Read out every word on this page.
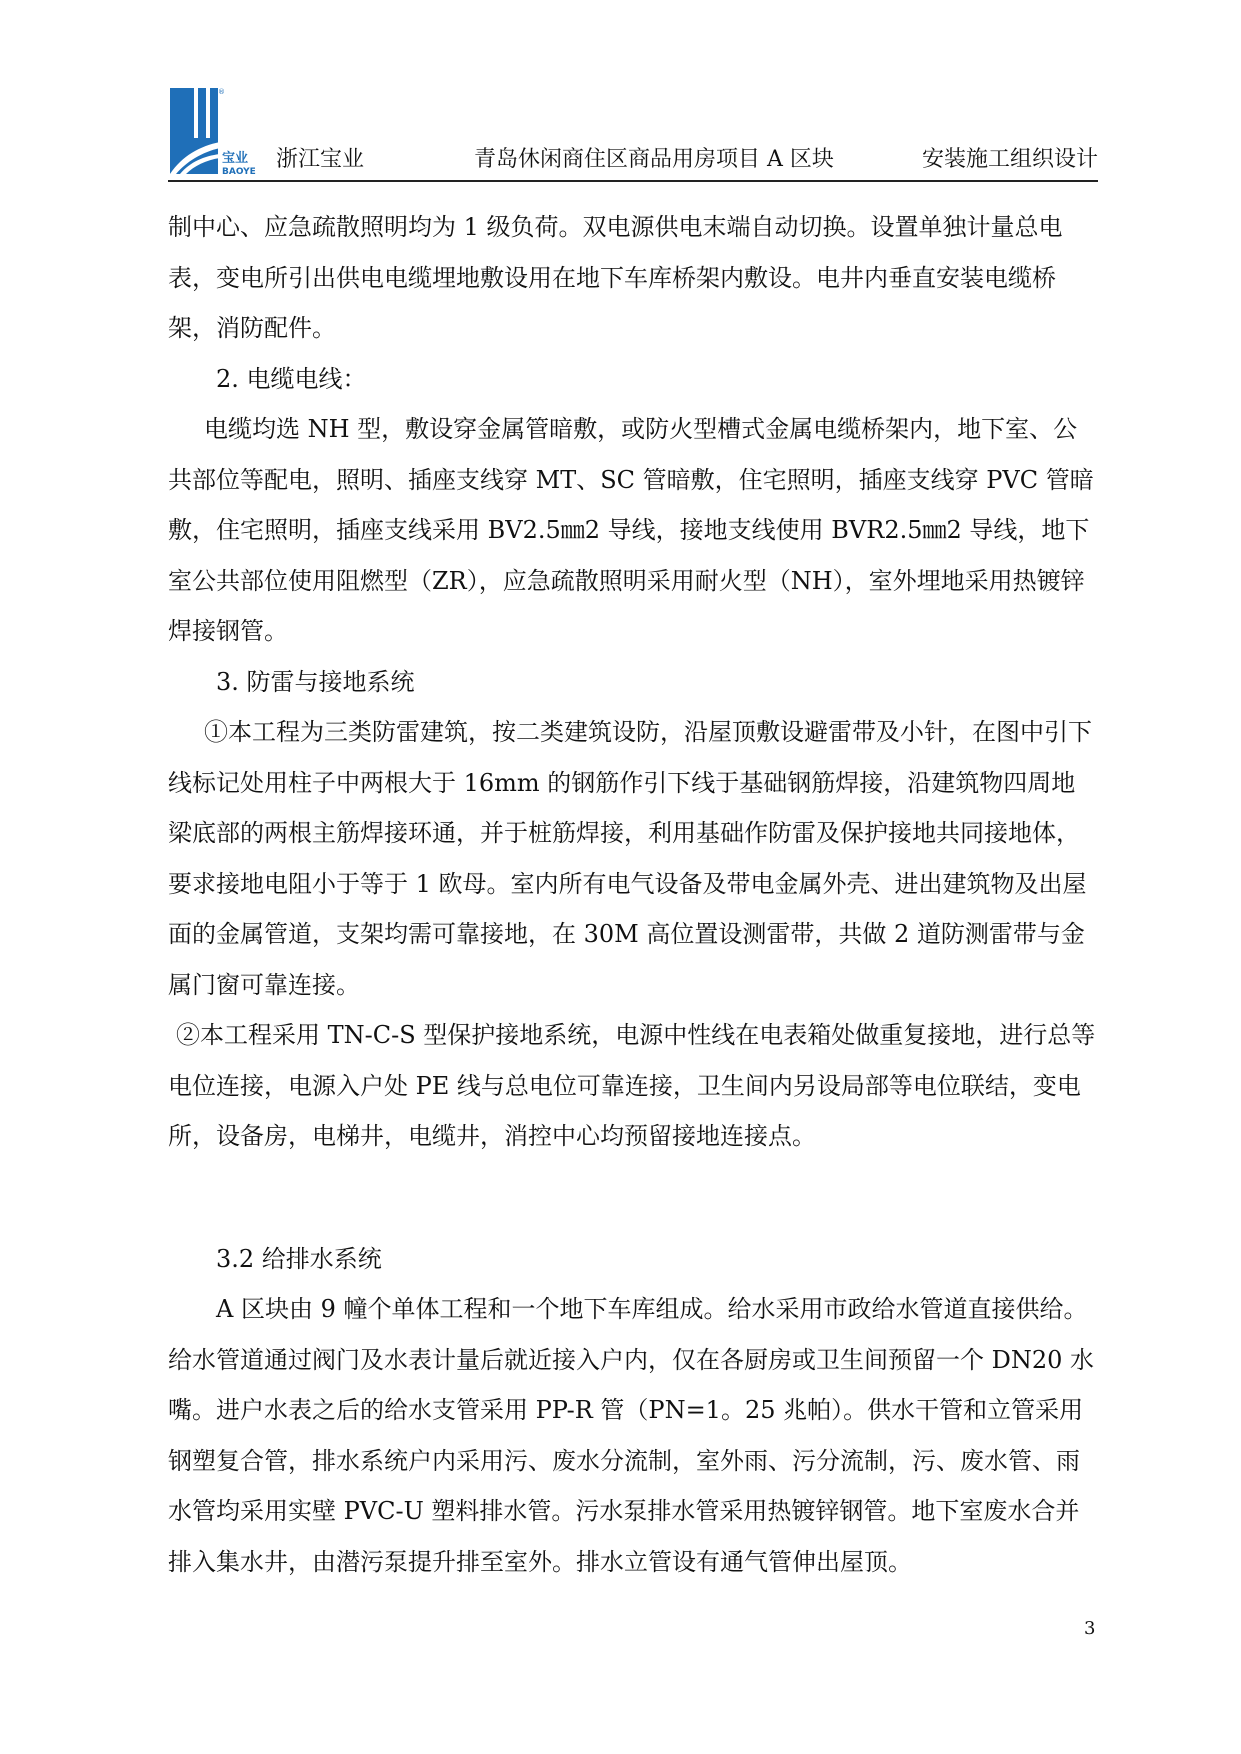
®
宝业
BAOYE 浙江宝业	青岛休闲商住区商品用房项目 A 区块	安装施工组织设计

制中心、应急疏散照明均为 1 级负荷。双电源供电末端自动切换。设置单独计量总电表，变电所引出供电电缆埋地敷设用在地下车库桥架内敷设。电井内垂直安装电缆桥架，消防配件。

2. 电缆电线：

电缆均选 NH 型，敷设穿金属管暗敷，或防火型槽式金属电缆桥架内，地下室、公共部位等配电，照明、插座支线穿 MT、SC 管暗敷，住宅照明，插座支线穿 PVC 管暗敷，住宅照明，插座支线采用 BV2.5㎜2 导线，接地支线使用 BVR2.5㎜2 导线，地下室公共部位使用阻燃型（ZR），应急疏散照明采用耐火型（NH），室外埋地采用热镀锌焊接钢管。

3. 防雷与接地系统

①本工程为三类防雷建筑，按二类建筑设防，沿屋顶敷设避雷带及小针，在图中引下线标记处用柱子中两根大于 16mm 的钢筋作引下线于基础钢筋焊接，沿建筑物四周地梁底部的两根主筋焊接环通，并于桩筋焊接，利用基础作防雷及保护接地共同接地体，要求接地电阻小于等于 1 欧母。室内所有电气设备及带电金属外壳、进出建筑物及出屋面的金属管道，支架均需可靠接地，在 30M 高位置设测雷带，共做 2 道防测雷带与金属门窗可靠连接。

②本工程采用 TN-C-S 型保护接地系统，电源中性线在电表箱处做重复接地，进行总等电位连接，电源入户处 PE 线与总电位可靠连接，卫生间内另设局部等电位联结，变电所，设备房，电梯井，电缆井，消控中心均预留接地连接点。

3.2 给排水系统

A 区块由 9 幢个单体工程和一个地下车库组成。给水采用市政给水管道直接供给。给水管道通过阀门及水表计量后就近接入户内，仅在各厨房或卫生间预留一个 DN20 水嘴。进户水表之后的给水支管采用 PP-R 管（PN=1。25 兆帕）。供水干管和立管采用钢塑复合管，排水系统户内采用污、废水分流制，室外雨、污分流制，污、废水管、雨水管均采用实壁 PVC-U 塑料排水管。污水泵排水管采用热镀锌钢管。地下室废水合并排入集水井，由潜污泵提升排至室外。排水立管设有通气管伸出屋顶。

3
